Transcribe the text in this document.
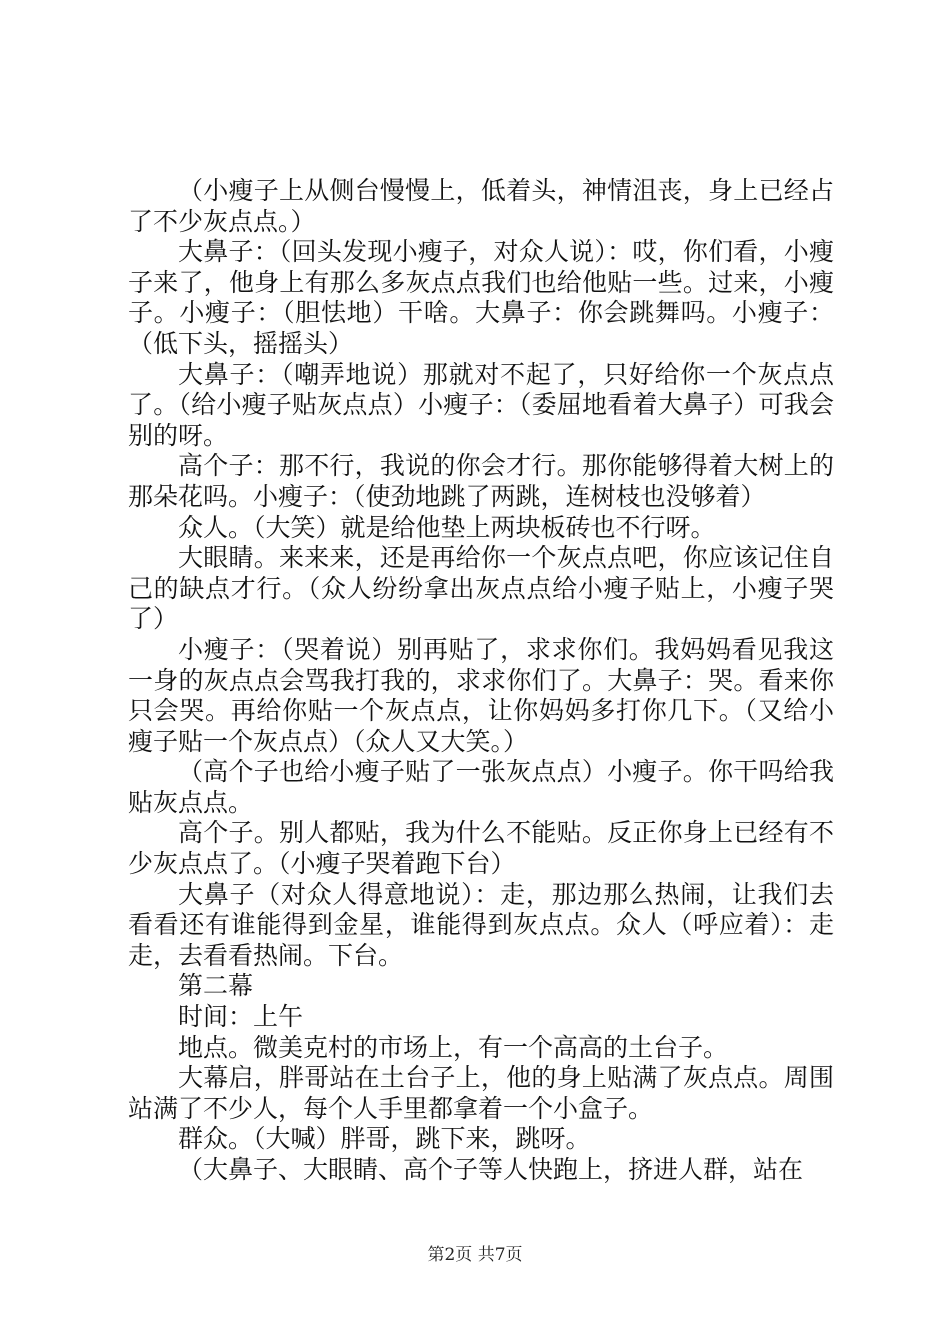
（小瘦子上从侧台慢慢上，低着头，神情沮丧，身上已经占了不少灰点点。）

大鼻子：（回头发现小瘦子，对众人说）：哎，你们看，小瘦子来了，他身上有那么多灰点点我们也给他贴一些。过来，小瘦子。小瘦子：（胆怯地）干啥。大鼻子：你会跳舞吗。小瘦子：（低下头，摇摇头）

大鼻子：（嘲弄地说）那就对不起了，只好给你一个灰点点了。（给小瘦子贴灰点点）小瘦子：（委屈地看着大鼻子）可我会别的呀。

高个子：那不行，我说的你会才行。那你能够得着大树上的那朵花吗。小瘦子：（使劲地跳了两跳，连树枝也没够着）

众人。（大笑）就是给他垫上两块板砖也不行呀。

大眼睛。来来来，还是再给你一个灰点点吧，你应该记住自己的缺点才行。（众人纷纷拿出灰点点给小瘦子贴上，小瘦子哭了）

小瘦子：（哭着说）别再贴了，求求你们。我妈妈看见我这一身的灰点点会骂我打我的，求求你们了。大鼻子：哭。看来你只会哭。再给你贴一个灰点点，让你妈妈多打你几下。（又给小瘦子贴一个灰点点）（众人又大笑。）

（高个子也给小瘦子贴了一张灰点点）小瘦子。你干吗给我贴灰点点。

高个子。别人都贴，我为什么不能贴。反正你身上已经有不少灰点点了。（小瘦子哭着跑下台）

大鼻子（对众人得意地说）：走，那边那么热闹，让我们去看看还有谁能得到金星，谁能得到灰点点。众人（呼应着）：走走，去看看热闹。下台。

第二幕

时间：上午

地点。微美克村的市场上，有一个高高的土台子。

大幕启，胖哥站在土台子上，他的身上贴满了灰点点。周围站满了不少人，每个人手里都拿着一个小盒子。

群众。（大喊）胖哥，跳下来，跳呀。

（大鼻子、大眼睛、高个子等人快跑上，挤进人群，站在

第2页 共7页
